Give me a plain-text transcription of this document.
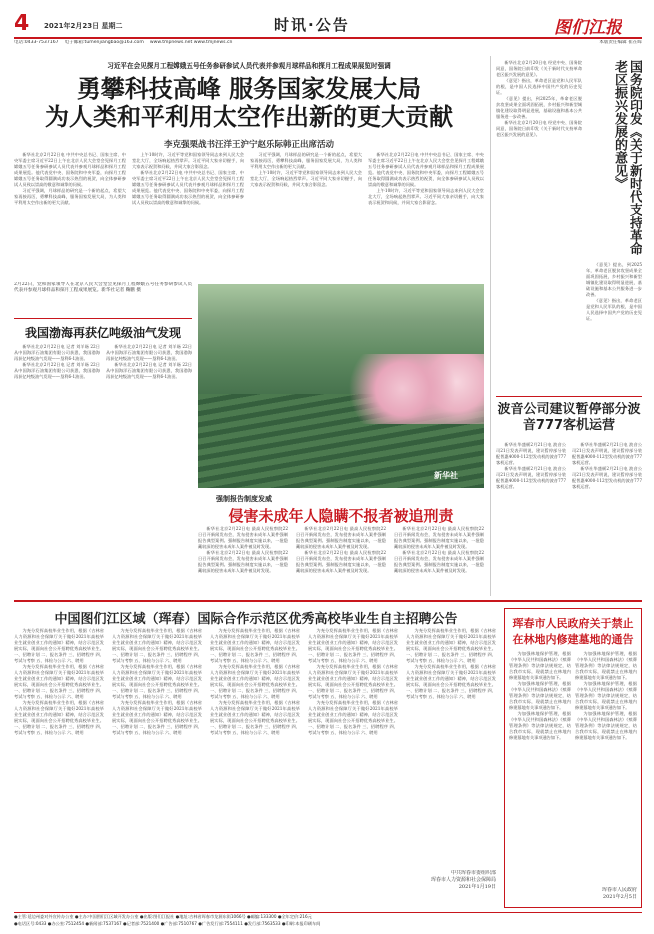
4 2021年2月23日 星期二	时讯·公告	图们江报
电话:0433-7537167　 电子邮箱:tumenjiangbao@163.com　 www.tmpnews.net www.tmjnews.cn	本版责任编辑 崔在晖
习近平在会见探月工程嫦娥五号任务参研参试人员代表并参观月球样品和探月工程成果展览时强调
勇攀科技高峰 服务国家发展大局
为人类和平利用太空作出新的更大贡献
李克强栗战书汪洋王沪宁赵乐际韩正出席活动

新华社北京2月22日电 中共中央总书记、国家主席、中央军委主席习近平22日上午在北京人民大会堂会见探月工程嫦娥五号任务参研参试人员代表并参观月球样品和探月工程成果展览。他代表党中央、国务院和中央军委，向探月工程嫦娥五号任务取得圆满成功表示热烈的祝贺，向全体参研参试人员致以崇高的敬意和诚挚的问候。

习近平强调，月球样品的研究是一个新的起点，希望大家再接再厉，勇攀科技高峰，服务国家发展大局，为人类和平利用太空作出新的更大贡献。

上午10时许，习近平等党和国家领导同志来到人民大会堂北大厅，全场响起热烈掌声。习近平同大家亲切握手，向大家表示祝贺和问候，并同大家合影留念。

新华社北京2月22日电 中共中央总书记、国家主席、中央军委主席习近平22日上午在北京人民大会堂会见探月工程嫦娥五号任务参研参试人员代表并参观月球样品和探月工程成果展览。他代表党中央、国务院和中央军委，向探月工程嫦娥五号任务取得圆满成功表示热烈的祝贺，向全体参研参试人员致以崇高的敬意和诚挚的问候。

习近平强调，月球样品的研究是一个新的起点，希望大家再接再厉，勇攀科技高峰，服务国家发展大局，为人类和平利用太空作出新的更大贡献。

上午10时许，习近平等党和国家领导同志来到人民大会堂北大厅，全场响起热烈掌声。习近平同大家亲切握手，向大家表示祝贺和问候，并同大家合影留念。

新华社北京2月22日电 中共中央总书记、国家主席、中央军委主席习近平22日上午在北京人民大会堂会见探月工程嫦娥五号任务参研参试人员代表并参观月球样品和探月工程成果展览。他代表党中央、国务院和中央军委，向探月工程嫦娥五号任务取得圆满成功表示热烈的祝贺，向全体参研参试人员致以崇高的敬意和诚挚的问候。

上午10时许，习近平等党和国家领导同志来到人民大会堂北大厅，全场响起热烈掌声。习近平同大家亲切握手，向大家表示祝贺和问候，并同大家合影留念。

2月22日，党和国家领导人在北京人民大会堂会见探月工程嫦娥五号任务参研参试人员代表并参观月球样品和探月工程成果展览。新华社记者 鞠鹏 摄
我国渤海再获亿吨级油气发现

新华社北京2月22日电 记者 刘羊旸 22日从中国海洋石油集团有限公司获悉，我国渤海再获亿吨级油气发现——垦利6-1油田。

新华社北京2月22日电 记者 刘羊旸 22日从中国海洋石油集团有限公司获悉，我国渤海再获亿吨级油气发现——垦利6-1油田。

新华社北京2月22日电 记者 刘羊旸 22日从中国海洋石油集团有限公司获悉，我国渤海再获亿吨级油气发现——垦利6-1油田。

新华社北京2月22日电 记者 刘羊旸 22日从中国海洋石油集团有限公司获悉，我国渤海再获亿吨级油气发现——垦利6-1油田。

新华社
强制报告制度发威
侵害未成年人隐瞒不报者被追刑责

新华社北京2月22日电 最高人民检察院22日召开新闻发布会，发布侵害未成年人案件强制报告典型案例。强制报告制度实施以来，一批隐藏较深的侵害未成年人案件被及时发现。

新华社北京2月22日电 最高人民检察院22日召开新闻发布会，发布侵害未成年人案件强制报告典型案例。强制报告制度实施以来，一批隐藏较深的侵害未成年人案件被及时发现。

新华社北京2月22日电 最高人民检察院22日召开新闻发布会，发布侵害未成年人案件强制报告典型案例。强制报告制度实施以来，一批隐藏较深的侵害未成年人案件被及时发现。

新华社北京2月22日电 最高人民检察院22日召开新闻发布会，发布侵害未成年人案件强制报告典型案例。强制报告制度实施以来，一批隐藏较深的侵害未成年人案件被及时发现。

新华社北京2月22日电 最高人民检察院22日召开新闻发布会，发布侵害未成年人案件强制报告典型案例。强制报告制度实施以来，一批隐藏较深的侵害未成年人案件被及时发现。

新华社北京2月22日电 最高人民检察院22日召开新闻发布会，发布侵害未成年人案件强制报告典型案例。强制报告制度实施以来，一批隐藏较深的侵害未成年人案件被及时发现。

新华社北京2月20日电 经党中央、国务院同意，国务院日前印发《关于新时代支持革命老区振兴发展的意见》。

《意见》指出，革命老区是党和人民军队的根，是中国人民选择中国共产党的历史见证。

《意见》提出，到2025年，革命老区脱贫攻坚成果全面巩固拓展，乡村振兴和新型城镇化建设取得明显进展，基础设施和基本公共服务进一步改善。

新华社北京2月20日电 经党中央、国务院同意，国务院日前印发《关于新时代支持革命老区振兴发展的意见》。	国务院印发《关于新时代支持革命老区振兴发展的意见》

《意见》提出，到2025年，革命老区脱贫攻坚成果全面巩固拓展，乡村振兴和新型城镇化建设取得明显进展，基础设施和基本公共服务进一步改善。

《意见》指出，革命老区是党和人民军队的根，是中国人民选择中国共产党的历史见证。

波音公司建议暂停部分波音777客机运营

新华社华盛顿2月21日电 波音公司21日发表声明说，建议暂停部分装配普惠4000-112型发动机的波音777客机运营。

新华社华盛顿2月21日电 波音公司21日发表声明说，建议暂停部分装配普惠4000-112型发动机的波音777客机运营。

新华社华盛顿2月21日电 波音公司21日发表声明说，建议暂停部分装配普惠4000-112型发动机的波音777客机运营。

新华社华盛顿2月21日电 波音公司21日发表声明说，建议暂停部分装配普惠4000-112型发动机的波音777客机运营。

中国图们江区域（珲春）国际合作示范区优秀高校毕业生自主招聘公告

为充分发挥高校毕业生作用，根据《吉林省人力资源和社会保障厅关于做好2021年高校毕业生就业创业工作的通知》精神，结合示范区发展实际，现面向社会公开招聘优秀高校毕业生。一、招聘计划 二、报名条件 三、招聘程序 四、考试与考察 五、体检与公示 六、聘用

为充分发挥高校毕业生作用，根据《吉林省人力资源和社会保障厅关于做好2021年高校毕业生就业创业工作的通知》精神，结合示范区发展实际，现面向社会公开招聘优秀高校毕业生。一、招聘计划 二、报名条件 三、招聘程序 四、考试与考察 五、体检与公示 六、聘用

为充分发挥高校毕业生作用，根据《吉林省人力资源和社会保障厅关于做好2021年高校毕业生就业创业工作的通知》精神，结合示范区发展实际，现面向社会公开招聘优秀高校毕业生。一、招聘计划 二、报名条件 三、招聘程序 四、考试与考察 五、体检与公示 六、聘用

为充分发挥高校毕业生作用，根据《吉林省人力资源和社会保障厅关于做好2021年高校毕业生就业创业工作的通知》精神，结合示范区发展实际，现面向社会公开招聘优秀高校毕业生。一、招聘计划 二、报名条件 三、招聘程序 四、考试与考察 五、体检与公示 六、聘用

为充分发挥高校毕业生作用，根据《吉林省人力资源和社会保障厅关于做好2021年高校毕业生就业创业工作的通知》精神，结合示范区发展实际，现面向社会公开招聘优秀高校毕业生。一、招聘计划 二、报名条件 三、招聘程序 四、考试与考察 五、体检与公示 六、聘用

为充分发挥高校毕业生作用，根据《吉林省人力资源和社会保障厅关于做好2021年高校毕业生就业创业工作的通知》精神，结合示范区发展实际，现面向社会公开招聘优秀高校毕业生。一、招聘计划 二、报名条件 三、招聘程序 四、考试与考察 五、体检与公示 六、聘用

为充分发挥高校毕业生作用，根据《吉林省人力资源和社会保障厅关于做好2021年高校毕业生就业创业工作的通知》精神，结合示范区发展实际，现面向社会公开招聘优秀高校毕业生。一、招聘计划 二、报名条件 三、招聘程序 四、考试与考察 五、体检与公示 六、聘用

为充分发挥高校毕业生作用，根据《吉林省人力资源和社会保障厅关于做好2021年高校毕业生就业创业工作的通知》精神，结合示范区发展实际，现面向社会公开招聘优秀高校毕业生。一、招聘计划 二、报名条件 三、招聘程序 四、考试与考察 五、体检与公示 六、聘用

为充分发挥高校毕业生作用，根据《吉林省人力资源和社会保障厅关于做好2021年高校毕业生就业创业工作的通知》精神，结合示范区发展实际，现面向社会公开招聘优秀高校毕业生。一、招聘计划 二、报名条件 三、招聘程序 四、考试与考察 五、体检与公示 六、聘用

为充分发挥高校毕业生作用，根据《吉林省人力资源和社会保障厅关于做好2021年高校毕业生就业创业工作的通知》精神，结合示范区发展实际，现面向社会公开招聘优秀高校毕业生。一、招聘计划 二、报名条件 三、招聘程序 四、考试与考察 五、体检与公示 六、聘用

为充分发挥高校毕业生作用，根据《吉林省人力资源和社会保障厅关于做好2021年高校毕业生就业创业工作的通知》精神，结合示范区发展实际，现面向社会公开招聘优秀高校毕业生。一、招聘计划 二、报名条件 三、招聘程序 四、考试与考察 五、体检与公示 六、聘用

为充分发挥高校毕业生作用，根据《吉林省人力资源和社会保障厅关于做好2021年高校毕业生就业创业工作的通知》精神，结合示范区发展实际，现面向社会公开招聘优秀高校毕业生。一、招聘计划 二、报名条件 三、招聘程序 四、考试与考察 五、体检与公示 六、聘用

为充分发挥高校毕业生作用，根据《吉林省人力资源和社会保障厅关于做好2021年高校毕业生就业创业工作的通知》精神，结合示范区发展实际，现面向社会公开招聘优秀高校毕业生。一、招聘计划 二、报名条件 三、招聘程序 四、考试与考察 五、体检与公示 六、聘用

为充分发挥高校毕业生作用，根据《吉林省人力资源和社会保障厅关于做好2021年高校毕业生就业创业工作的通知》精神，结合示范区发展实际，现面向社会公开招聘优秀高校毕业生。一、招聘计划 二、报名条件 三、招聘程序 四、考试与考察 五、体检与公示 六、聘用

中共珲春市委组织部
珲春市人力资源和社会保障局
2021年1月19日
珲春市人民政府关于禁止
在林地内修建墓地的通告

为加强林地保护管理，根据《中华人民共和国森林法》《殡葬管理条例》等法律法规规定，结合我市实际，现就禁止在林地内修建墓地有关事项通告如下。

为加强林地保护管理，根据《中华人民共和国森林法》《殡葬管理条例》等法律法规规定，结合我市实际，现就禁止在林地内修建墓地有关事项通告如下。

为加强林地保护管理，根据《中华人民共和国森林法》《殡葬管理条例》等法律法规规定，结合我市实际，现就禁止在林地内修建墓地有关事项通告如下。

为加强林地保护管理，根据《中华人民共和国森林法》《殡葬管理条例》等法律法规规定，结合我市实际，现就禁止在林地内修建墓地有关事项通告如下。

为加强林地保护管理，根据《中华人民共和国森林法》《殡葬管理条例》等法律法规规定，结合我市实际，现就禁止在林地内修建墓地有关事项通告如下。

为加强林地保护管理，根据《中华人民共和国森林法》《殡葬管理条例》等法律法规规定，结合我市实际，现就禁止在林地内修建墓地有关事项通告如下。

珲春市人民政府
2021年2月5日
●主管:延边州委对外宣传办公室 ●主办:中国图们江区域开发办公室 ●出版:图们江报社 ●地址:吉林省珲春市龙源东街1066号 ●邮编:133300 ●全年定价:216元
●电话区号:0433 ●办公室:7512454 ●新闻部:7537167 ●记者部:7521400 ●广告部:7510767 ●广告发行部:7554111 ●发行部:7563533 ●印刷:本报印刷车间
